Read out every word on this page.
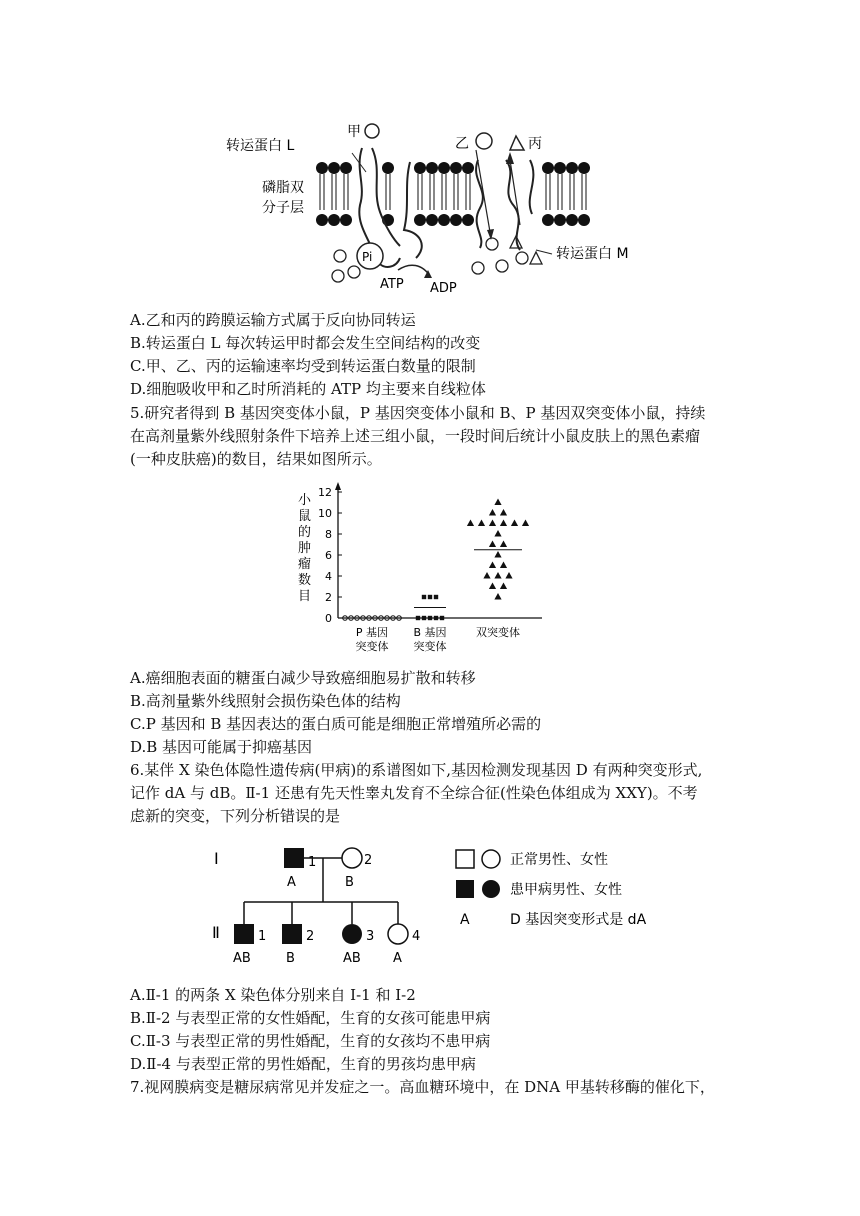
转运蛋白 L
甲
乙	丙
磷脂双
分子层
Pi
ATP ADP
转运蛋白 M
A.乙和丙的跨膜运输方式属于反向协同转运
B.转运蛋白 L 每次转运甲时都会发生空间结构的改变
C.甲、乙、丙的运输速率均受到转运蛋白数量的限制
D.细胞吸收甲和乙时所消耗的 ATP 均主要来自线粒体
5.研究者得到 B 基因突变体小鼠，P 基因突变体小鼠和 B、P 基因双突变体小鼠，持续
在高剂量紫外线照射条件下培养上述三组小鼠，一段时间后统计小鼠皮肤上的黑色素瘤
(一种皮肤癌)的数目，结果如图所示。
小鼠的肿瘤数目
0
2
4
6
8
10
12
P 基因
突变体
B 基因
突变体
双突变体
A.癌细胞表面的糖蛋白减少导致癌细胞易扩散和转移
B.高剂量紫外线照射会损伤染色体的结构
C.P 基因和 B 基因表达的蛋白质可能是细胞正常增殖所必需的
D.B 基因可能属于抑癌基因
6.某伴 X 染色体隐性遗传病(甲病)的系谱图如下,基因检测发现基因 D 有两种突变形式,
记作 dA 与 dB。Ⅱ-1 还患有先天性睾丸发育不全综合征(性染色体组成为 XXY)。不考
虑新的突变，下列分析错误的是
I
Ⅱ
1
A
2
B
1
AB
2
B
3
AB
4
A
正常男性、女性
患甲病男性、女性
A	D 基因突变形式是 dA
A.Ⅱ-1 的两条 X 染色体分别来自 I-1 和 I-2
B.Ⅱ-2 与表型正常的女性婚配，生育的女孩可能患甲病
C.Ⅱ-3 与表型正常的男性婚配，生育的女孩均不患甲病
D.Ⅱ-4 与表型正常的男性婚配，生育的男孩均患甲病
7.视网膜病变是糖尿病常见并发症之一。高血糖环境中，在 DNA 甲基转移酶的催化下，
